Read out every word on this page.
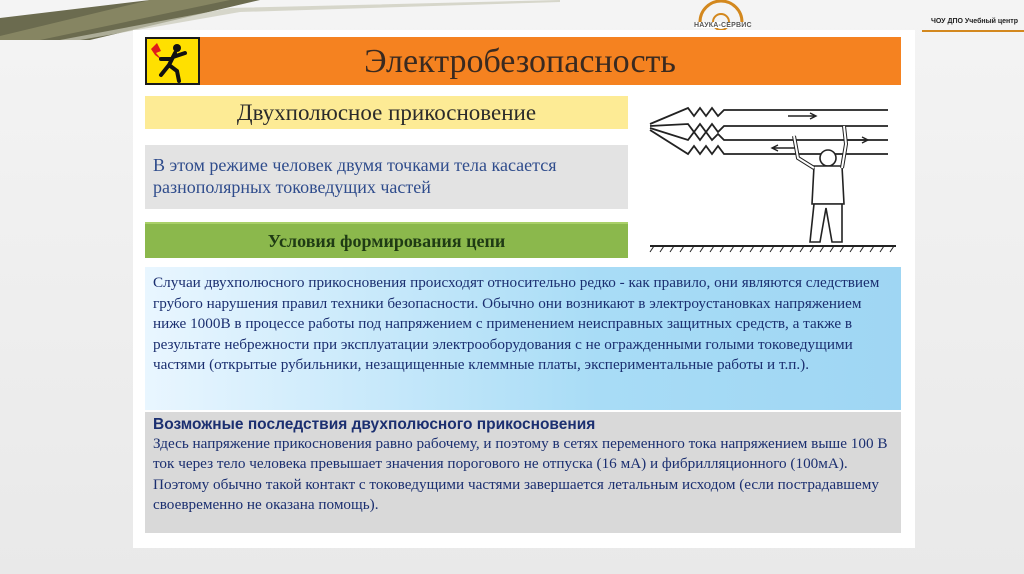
НАУКА-СЕРВИС
ЧОУ ДПО Учебный центр
Электробезопасность
Двухполюсное прикосновение
В этом режиме человек двумя точками тела касается разнополярных токоведущих частей
Условия формирования цепи

Случаи двухполюсного прикосновения происходят относительно редко - как правило, они являются следствием грубого нарушения правил техники безопасности. Обычно они возникают в электроустановках напряжением ниже 1000В в процессе работы под напряжением с применением неисправных защитных средств, а также в результате небрежности при эксплуатации электрооборудования с не огражденными голыми токоведущими частями (открытые рубильники, незащищенные клеммные платы, экспериментальные работы и т.п.).

Возможные последствия двухполюсного прикосновения

Здесь напряжение прикосновения равно рабочему, и поэтому в сетях переменного тока напряжением выше 100 В ток через тело человека превышает значения порогового не отпуска (16 мА) и фибрилляционного (100мА). Поэтому обычно такой контакт с токоведущими частями завершается летальным исходом (если пострадавшему своевременно не оказана помощь).
